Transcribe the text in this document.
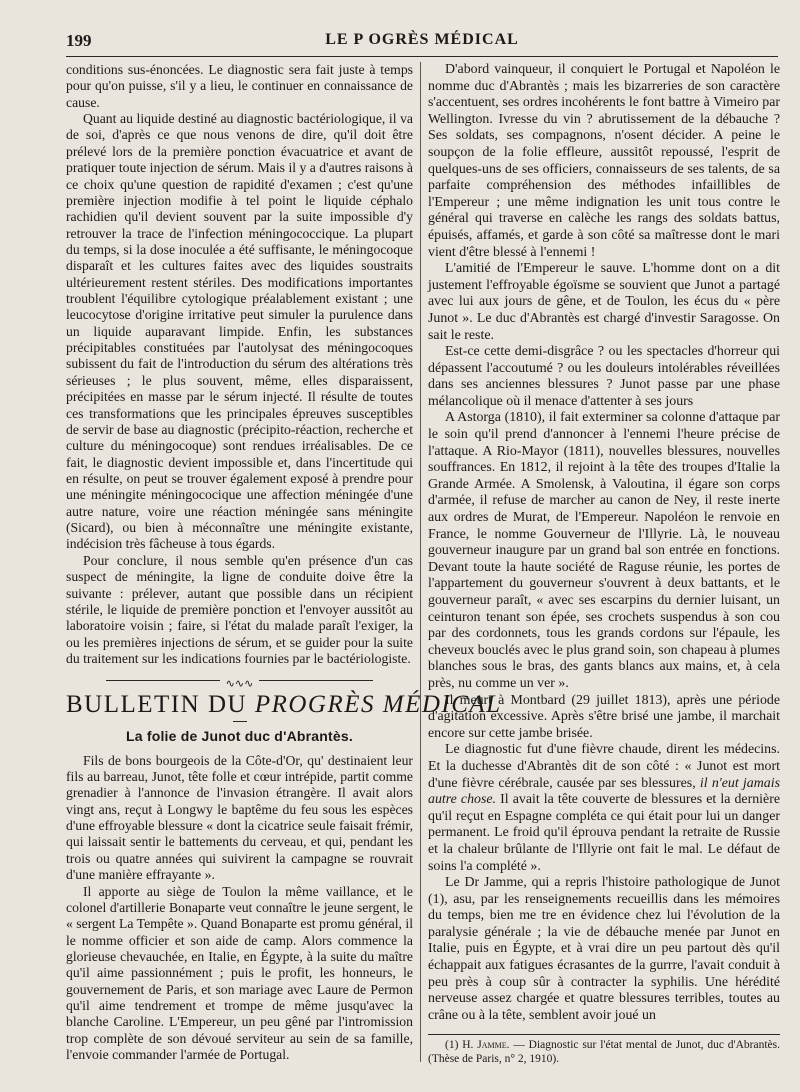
199	LE P OGRÈS MÉDICAL

conditions sus-énoncées. Le diagnostic sera fait juste à temps pour qu'on puisse, s'il y a lieu, le continuer en connaissance de cause.

Quant au liquide destiné au diagnostic bactériologique, il va de soi, d'après ce que nous venons de dire, qu'il doit être prélevé lors de la première ponction évacuatrice et avant de pratiquer toute injection de sérum. Mais il y a d'autres raisons à ce choix qu'une question de rapidité d'examen ; c'est qu'une première injection modifie à tel point le liquide céphalo rachidien qu'il devient souvent par la suite impossible d'y retrouver la trace de l'infection méningococcique. La plupart du temps, si la dose inoculée a été suffisante, le méningocoque disparaît et les cultures faites avec des liquides soustraits ultérieurement restent stériles. Des modifications importantes troublent l'équilibre cytologique préalablement existant ; une leucocytose d'origine irritative peut simuler la purulence dans un liquide auparavant limpide. Enfin, les substances précipitables constituées par l'autolysat des méningocoques subissent du fait de l'introduction du sérum des altérations très sérieuses ; le plus souvent, même, elles disparaissent, précipitées en masse par le sérum injecté. Il résulte de toutes ces transformations que les principales épreuves susceptibles de servir de base au diagnostic (précipito-réaction, recherche et culture du méningocoque) sont rendues irréalisables. De ce fait, le diagnostic devient impossible et, dans l'incertitude qui en résulte, on peut se trouver également exposé à prendre pour une méningite méningococique une affection méningée d'une autre nature, voire une réaction méningée sans méningite (Sicard), ou bien à méconnaître une méningite existante, indécision très fâcheuse à tous égards.

Pour conclure, il nous semble qu'en présence d'un cas suspect de méningite, la ligne de conduite doive être la suivante : prélever, autant que possible dans un récipient stérile, le liquide de première ponction et l'envoyer aussitôt au laboratoire voisin ; faire, si l'état du malade paraît l'exiger, la ou les premières injections de sérum, et se guider pour la suite du traitement sur les indications fournies par le bactériologiste.

∿∿∿
BULLETIN DU PROGRÈS MÉDICAL
La folie de Junot duc d'Abrantès.

Fils de bons bourgeois de la Côte-d'Or, qu' destinaient leur fils au barreau, Junot, tête folle et cœur intrépide, partit comme grenadier à l'annonce de l'invasion étrangère. Il avait alors vingt ans, reçut à Longwy le baptême du feu sous les espèces d'une effroyable blessure « dont la cicatrice seule faisait frémir, qui laissait sentir le battements du cerveau, et qui, pendant les trois ou quatre années qui suivirent la campagne se rouvrait d'une manière effrayante ».

Il apporte au siège de Toulon la même vaillance, et le colonel d'artillerie Bonaparte veut connaître le jeune sergent, le « sergent La Tempête ». Quand Bonaparte est promu général, il le nomme officier et son aide de camp. Alors commence la glorieuse chevauchée, en Italie, en Égypte, à la suite du maître qu'il aime passionnément ; puis le profit, les honneurs, le gouvernement de Paris, et son mariage avec Laure de Permon qu'il aime tendrement et trompe de même jusqu'avec la blanche Caroline. L'Empereur, un peu gêné par l'intromission trop complète de son dévoué serviteur au sein de sa famille, l'envoie commander l'armée de Portugal.

D'abord vainqueur, il conquiert le Portugal et Napoléon le nomme duc d'Abrantès ; mais les bizarreries de son caractère s'accentuent, ses ordres incohérents le font battre à Vimeiro par Wellington. Ivresse du vin ? abrutissement de la débauche ? Ses soldats, ses compagnons, n'osent décider. A peine le soupçon de la folie effleure, aussitôt repoussé, l'esprit de quelques-uns de ses officiers, connaisseurs de ses talents, de sa parfaite compréhension des méthodes infaillibles de l'Empereur ; une même indignation les unit tous contre le général qui traverse en calèche les rangs des soldats battus, épuisés, affamés, et garde à son côté sa maîtresse dont le mari vient d'être blessé à l'ennemi !

L'amitié de l'Empereur le sauve. L'homme dont on a dit justement l'effroyable égoïsme se souvient que Junot a partagé avec lui aux jours de gêne, et de Toulon, les écus du « père Junot ». Le duc d'Abrantès est chargé d'investir Saragosse. On sait le reste.

Est-ce cette demi-disgrâce ? ou les spectacles d'horreur qui dépassent l'accoutumé ? ou les douleurs intolérables réveillées dans ses anciennes blessures ? Junot passe par une phase mélancolique où il menace d'attenter à ses jours

A Astorga (1810), il fait exterminer sa colonne d'attaque par le soin qu'il prend d'annoncer à l'ennemi l'heure précise de l'attaque. A Rio-Mayor (1811), nouvelles blessures, nouvelles souffrances. En 1812, il rejoint à la tête des troupes d'Italie la Grande Armée. A Smolensk, à Valoutina, il égare son corps d'armée, il refuse de marcher au canon de Ney, il reste inerte aux ordres de Murat, de l'Empereur. Napoléon le renvoie en France, le nomme Gouverneur de l'Illyrie. Là, le nouveau gouverneur inaugure par un grand bal son entrée en fonctions. Devant toute la haute société de Raguse réunie, les portes de l'appartement du gouverneur s'ouvrent à deux battants, et le gouverneur paraît, « avec ses escarpins du dernier luisant, un ceinturon tenant son épée, ses crochets suspendus à son cou par des cordonnets, tous les grands cordons sur l'épaule, les cheveux bouclés avec le plus grand soin, son chapeau à plumes blanches sous le bras, des gants blancs aux mains, et, à cela près, nu comme un ver ».

Il meurt à Montbard (29 juillet 1813), après une période d'agitation excessive. Après s'être brisé une jambe, il marchait encore sur cette jambe brisée.

Le diagnostic fut d'une fièvre chaude, dirent les médecins. Et la duchesse d'Abrantès dit de son côté : « Junot est mort d'une fièvre cérébrale, causée par ses blessures, il n'eut jamais autre chose. Il avait la tête couverte de blessures et la dernière qu'il reçut en Espagne compléta ce qui était pour lui un danger permanent. Le froid qu'il éprouva pendant la retraite de Russie et la chaleur brûlante de l'Illyrie ont fait le mal. Le défaut de soins l'a complété ».

Le Dr Jamme, qui a repris l'histoire pathologique de Junot (1), asu, par les renseignements recueillis dans les mémoires du temps, bien me tre en évidence chez lui l'évolution de la paralysie générale ; la vie de débauche menée par Junot en Italie, puis en Égypte, et à vrai dire un peu partout dès qu'il échappait aux fatigues écrasantes de la gurrre, l'avait conduit à peu près à coup sûr à contracter la syphilis. Une hérédité nerveuse assez chargée et quatre blessures terribles, toutes au crâne ou à la tête, semblent avoir joué un

(1) H. Jamme. — Diagnostic sur l'état mental de Junot, duc d'Abrantès. (Thèse de Paris, n° 2, 1910).
